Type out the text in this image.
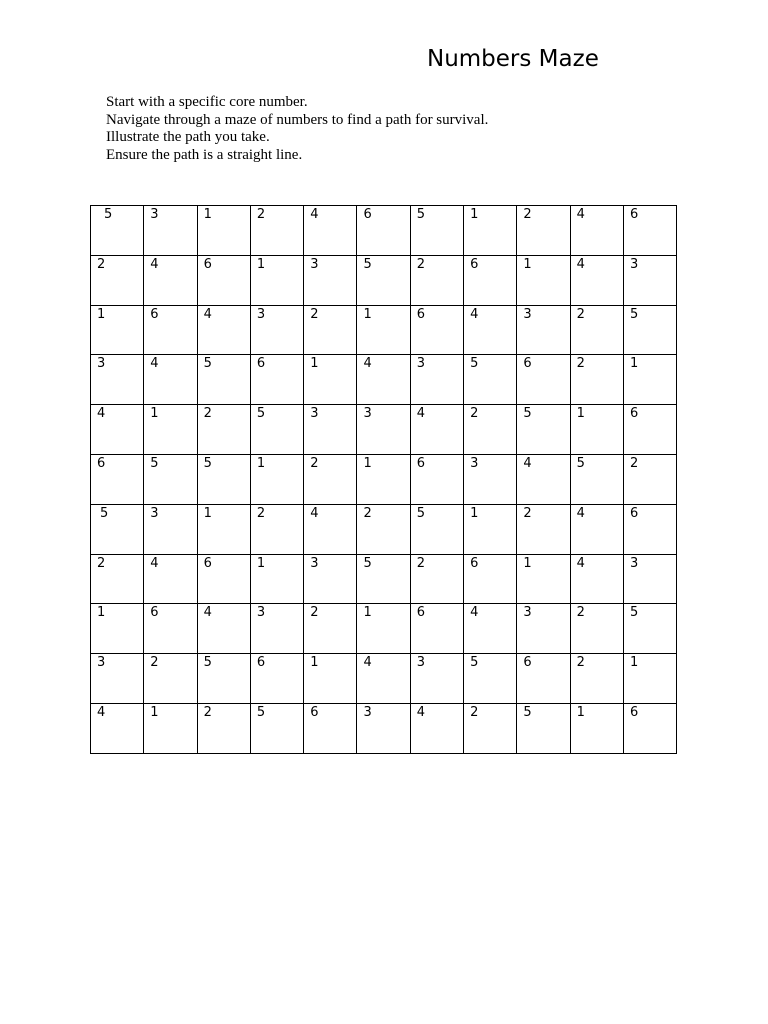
Numbers Maze
Start with a specific core number.
Navigate through a maze of numbers to find a path for survival.
Illustrate the path you take.
Ensure the path is a straight line.
5	3	1	2	4	6	5	1	2	4	6

2	4	6	1	3	5	2	6	1	4	3

1	6	4	3	2	1	6	4	3	2	5

3	4	5	6	1	4	3	5	6	2	1

4	1	2	5	3	3	4	2	5	1	6

6	5	5	1	2	1	6	3	4	5	2

5	3	1	2	4	2	5	1	2	4	6

2	4	6	1	3	5	2	6	1	4	3

1	6	4	3	2	1	6	4	3	2	5

3	2	5	6	1	4	3	5	6	2	1

4	1	2	5	6	3	4	2	5	1	6
